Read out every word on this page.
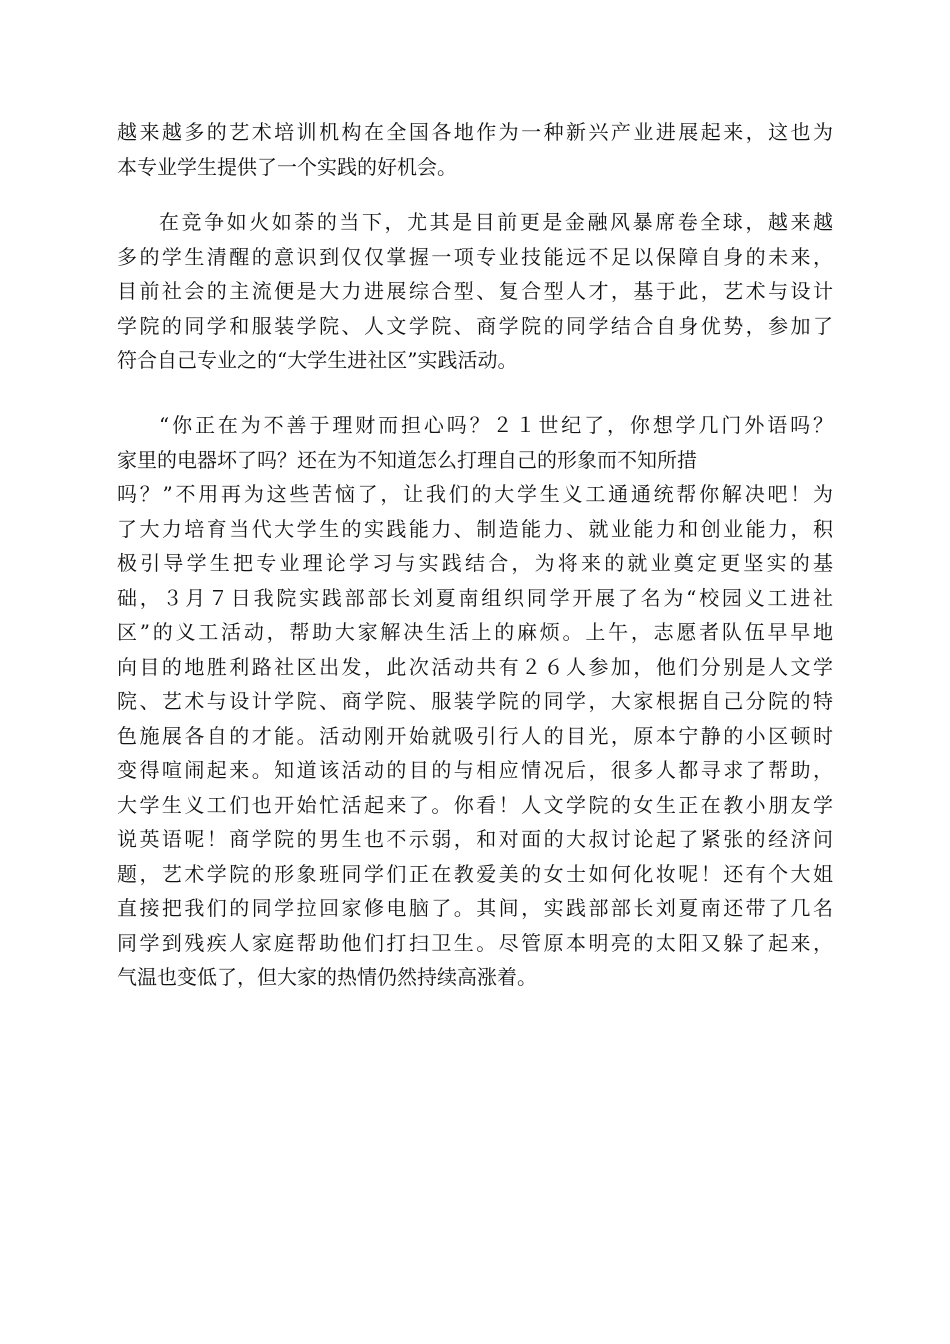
越来越多的艺术培训机构在全国各地作为一种新兴产业进展起来，这也为
本专业学生提供了一个实践的好机会。
在竞争如火如荼的当下，尤其是目前更是金融风暴席卷全球，越来越
多的学生清醒的意识到仅仅掌握一项专业技能远不足以保障自身的未来，
目前社会的主流便是大力进展综合型、复合型人才，基于此，艺术与设计
学院的同学和服装学院、人文学院、商学院的同学结合自身优势，参加了
符合自己专业之的“大学生进社区”实践活动。
“你正在为不善于理财而担心吗？２１世纪了，你想学几门外语吗？
家里的电器坏了吗？还在为不知道怎么打理自己的形象而不知所措
吗？”不用再为这些苦恼了，让我们的大学生义工通通统帮你解决吧！为
了大力培育当代大学生的实践能力、制造能力、就业能力和创业能力，积
极引导学生把专业理论学习与实践结合，为将来的就业奠定更坚实的基
础，３月７日我院实践部部长刘夏南组织同学开展了名为“校园义工进社
区”的义工活动，帮助大家解决生活上的麻烦。上午，志愿者队伍早早地
向目的地胜利路社区出发，此次活动共有２６人参加，他们分别是人文学
院、艺术与设计学院、商学院、服装学院的同学，大家根据自己分院的特
色施展各自的才能。活动刚开始就吸引行人的目光，原本宁静的小区顿时
变得喧闹起来。知道该活动的目的与相应情况后，很多人都寻求了帮助，
大学生义工们也开始忙活起来了。你看！人文学院的女生正在教小朋友学
说英语呢！商学院的男生也不示弱，和对面的大叔讨论起了紧张的经济问
题，艺术学院的形象班同学们正在教爱美的女士如何化妆呢！还有个大姐
直接把我们的同学拉回家修电脑了。其间，实践部部长刘夏南还带了几名
同学到残疾人家庭帮助他们打扫卫生。尽管原本明亮的太阳又躲了起来，
气温也变低了，但大家的热情仍然持续高涨着。
